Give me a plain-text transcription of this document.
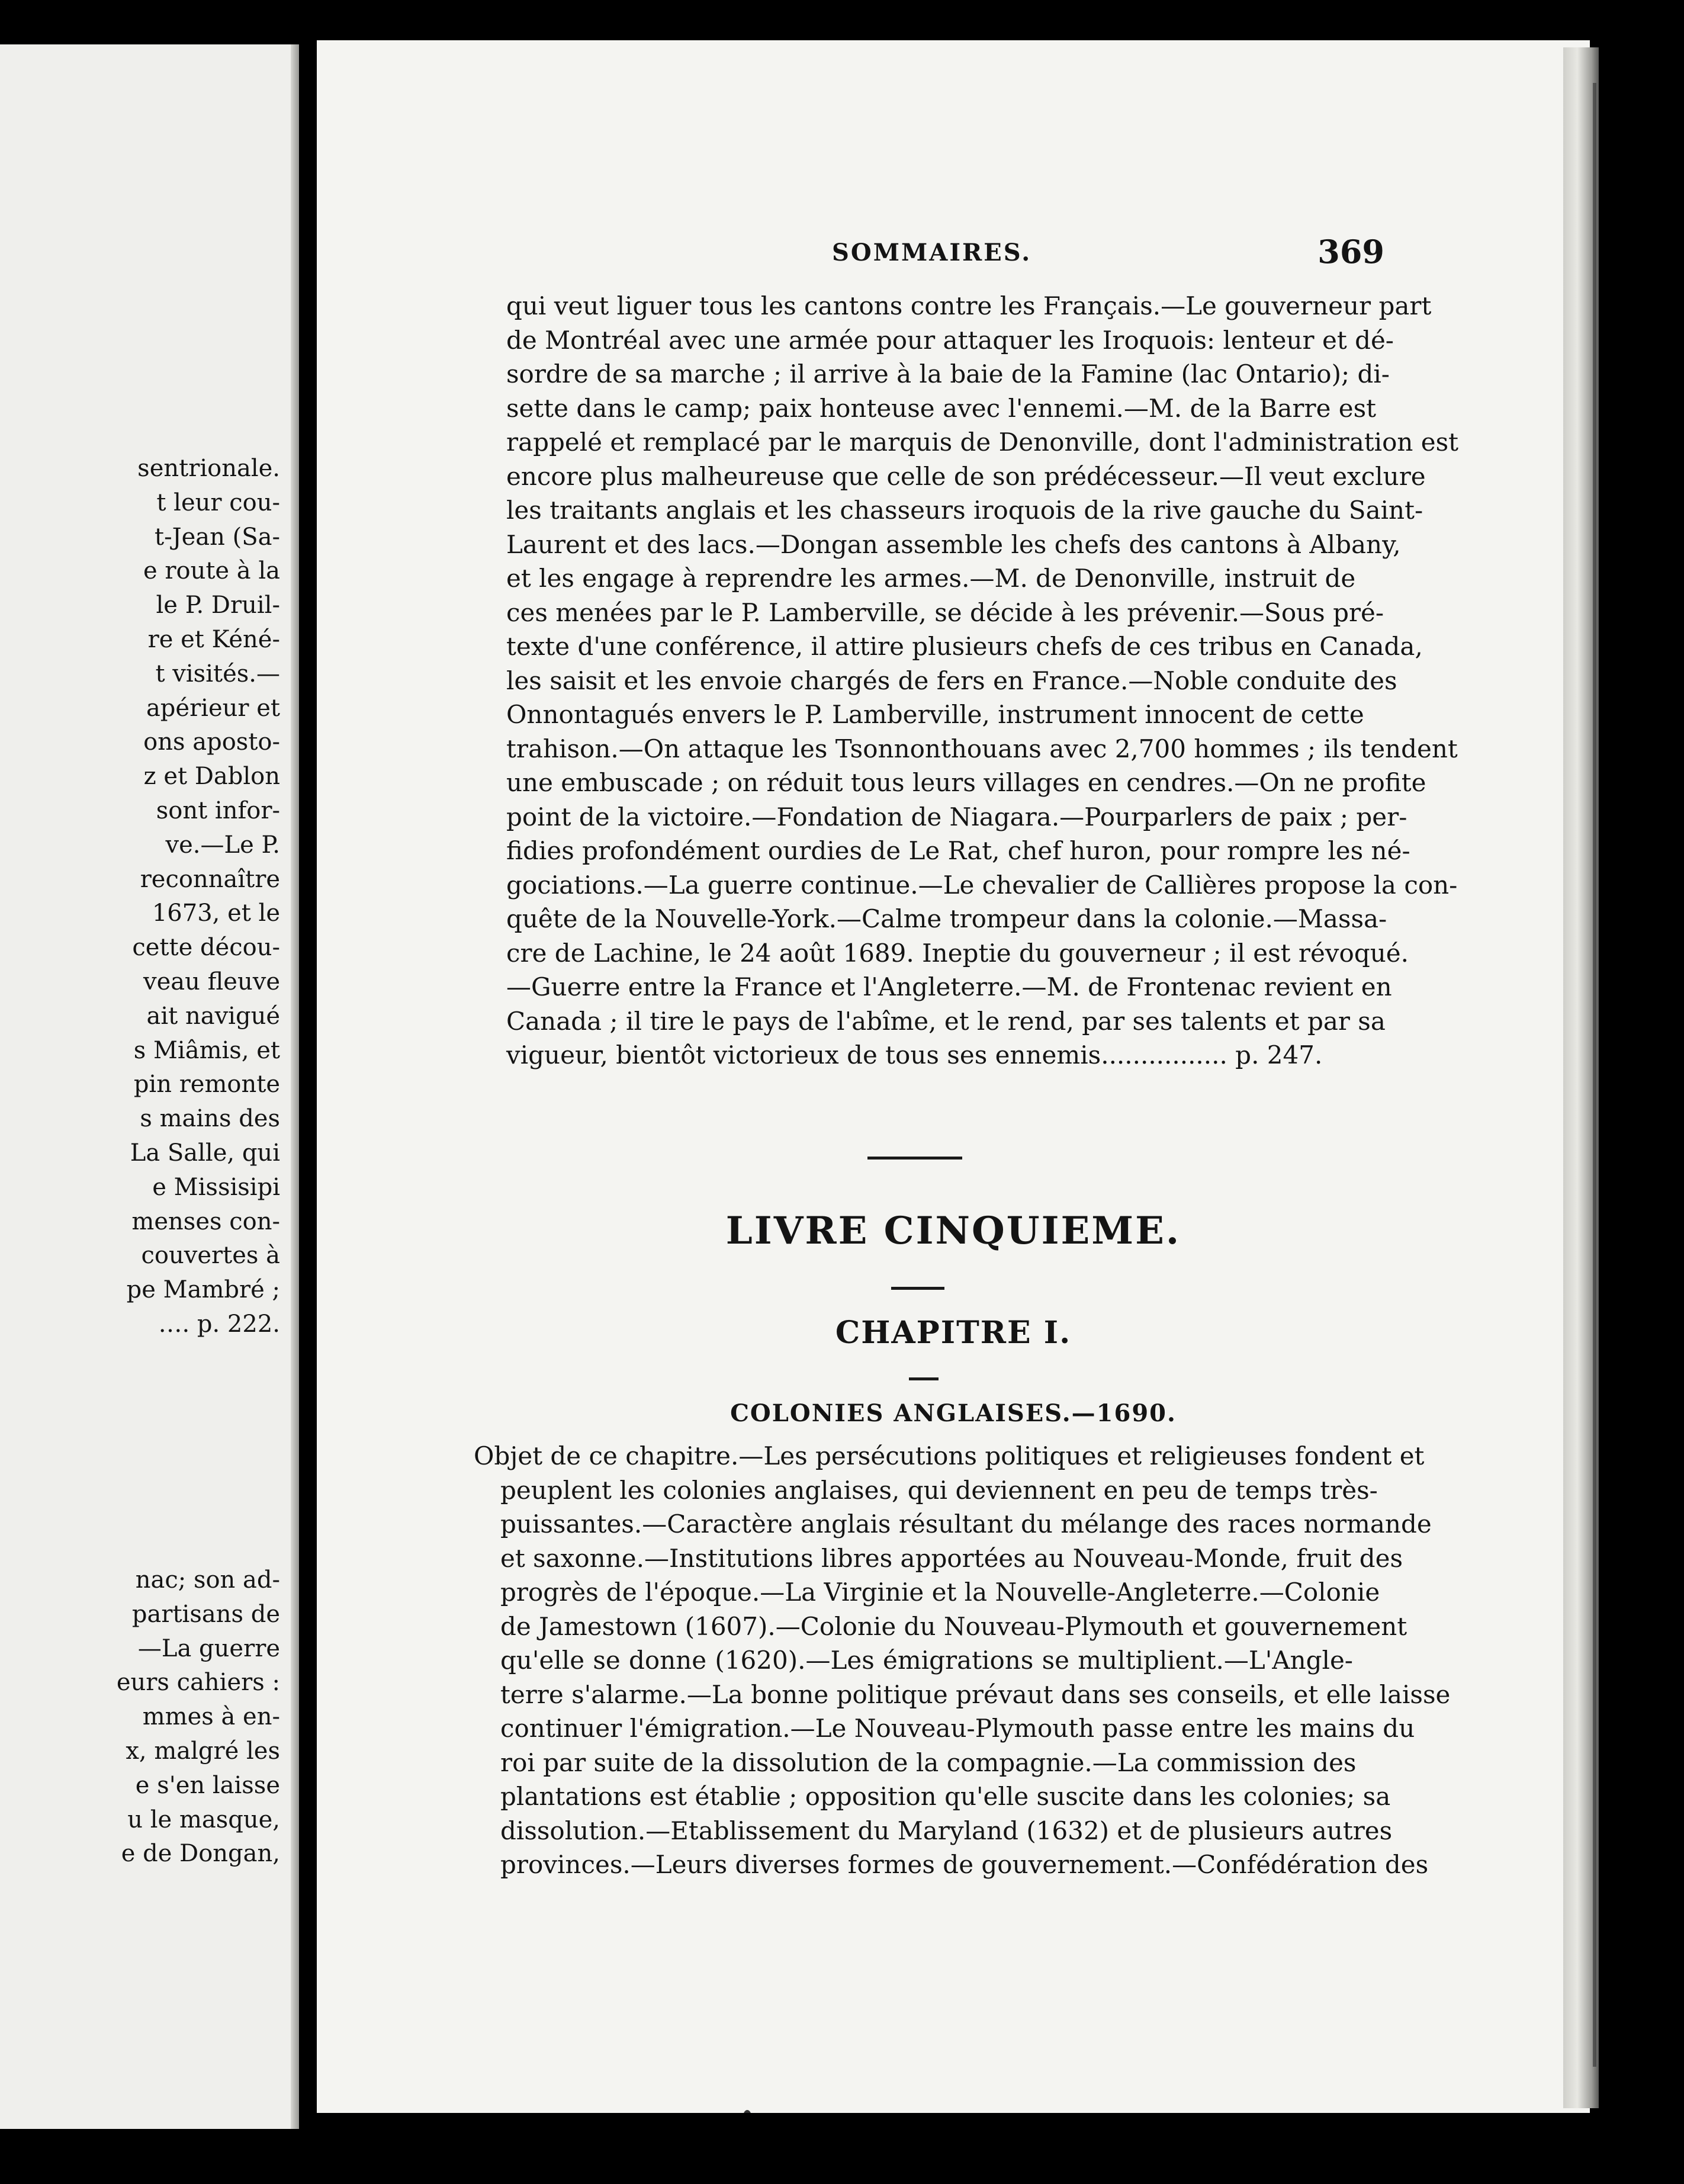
sentrionale.
t leur cou-
t-Jean (Sa-
e route à la
le P. Druil-
re et Kéné-
t visités.—
apérieur et
ons aposto-
z et Dablon
sont infor-
ve.—Le P.
reconnaître
1673, et le
cette décou-
veau fleuve
ait navigué
s Miâmis, et
pin remonte
s mains des
La Salle, qui
e Missisipi
menses con-
couvertes à
pe Mambré ;
…. p. 222.
nac; son ad-
partisans de
—La guerre
eurs cahiers :
mmes à en-
x, malgré les
e s'en laisse
u le masque,
e de Dongan,
SOMMAIRES.	369
qui veut liguer tous les cantons contre les Français.—Le gouverneur part
de Montréal avec une armée pour attaquer les Iroquois: lenteur et dé-
sordre de sa marche ; il arrive à la baie de la Famine (lac Ontario); di-
sette dans le camp; paix honteuse avec l'ennemi.—M. de la Barre est
rappelé et remplacé par le marquis de Denonville, dont l'administration est
encore plus malheureuse que celle de son prédécesseur.—Il veut exclure
les traitants anglais et les chasseurs iroquois de la rive gauche du Saint-
Laurent et des lacs.—Dongan assemble les chefs des cantons à Albany,
et les engage à reprendre les armes.—M. de Denonville, instruit de
ces menées par le P. Lamberville, se décide à les prévenir.—Sous pré-
texte d'une conférence, il attire plusieurs chefs de ces tribus en Canada,
les saisit et les envoie chargés de fers en France.—Noble conduite des
Onnontagués envers le P. Lamberville, instrument innocent de cette
trahison.—On attaque les Tsonnonthouans avec 2,700 hommes ; ils tendent
une embuscade ; on réduit tous leurs villages en cendres.—On ne profite
point de la victoire.—Fondation de Niagara.—Pourparlers de paix ; per-
fidies profondément ourdies de Le Rat, chef huron, pour rompre les né-
gociations.—La guerre continue.—Le chevalier de Callières propose la con-
quête de la Nouvelle-York.—Calme trompeur dans la colonie.—Massa-
cre de Lachine, le 24 août 1689. Ineptie du gouverneur ; il est révoqué.
—Guerre entre la France et l'Angleterre.—M. de Frontenac revient en
Canada ; il tire le pays de l'abîme, et le rend, par ses talents et par sa
vigueur, bientôt victorieux de tous ses ennemis................ p. 247.
LIVRE CINQUIEME.
CHAPITRE I.
COLONIES ANGLAISES.—1690.
Objet de ce chapitre.—Les persécutions politiques et religieuses fondent et
peuplent les colonies anglaises, qui deviennent en peu de temps très-
puissantes.—Caractère anglais résultant du mélange des races normande
et saxonne.—Institutions libres apportées au Nouveau-Monde, fruit des
progrès de l'époque.—La Virginie et la Nouvelle-Angleterre.—Colonie
de Jamestown (1607).—Colonie du Nouveau-Plymouth et gouvernement
qu'elle se donne (1620).—Les émigrations se multiplient.—L'Angle-
terre s'alarme.—La bonne politique prévaut dans ses conseils, et elle laisse
continuer l'émigration.—Le Nouveau-Plymouth passe entre les mains du
roi par suite de la dissolution de la compagnie.—La commission des
plantations est établie ; opposition qu'elle suscite dans les colonies; sa
dissolution.—Etablissement du Maryland (1632) et de plusieurs autres
provinces.—Leurs diverses formes de gouvernement.—Confédération des
